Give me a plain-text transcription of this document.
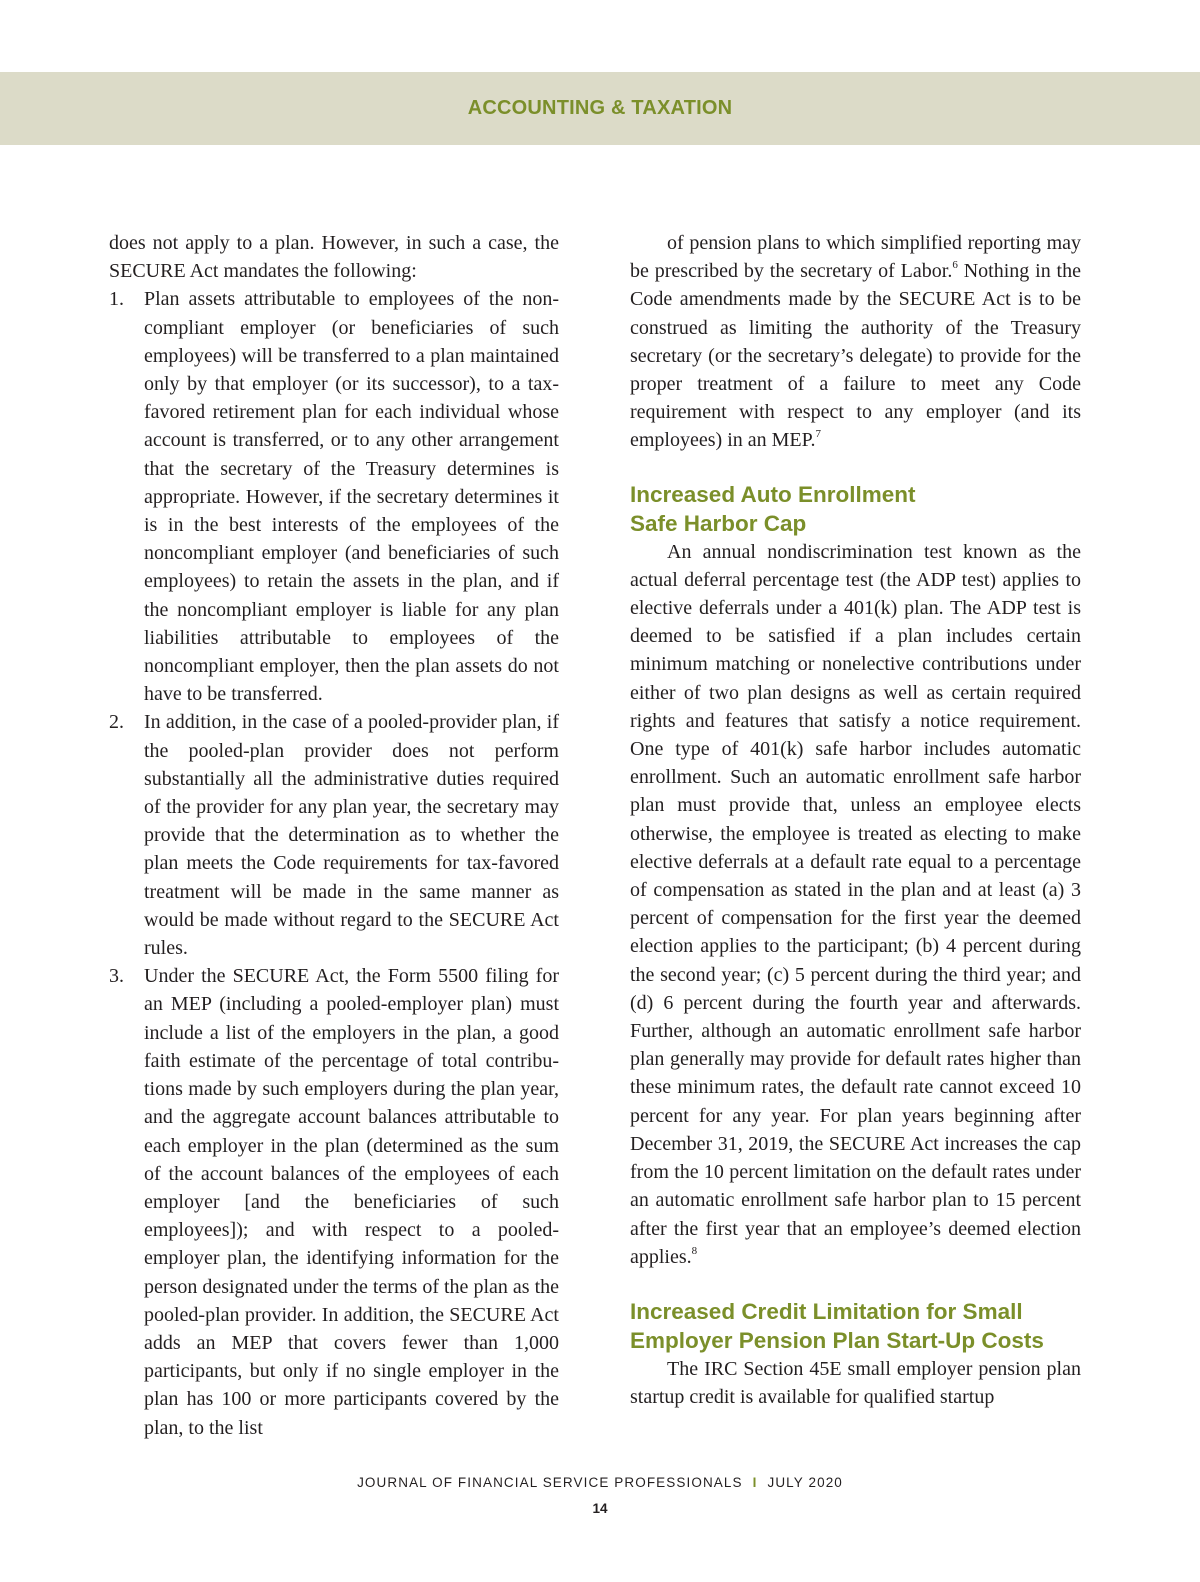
ACCOUNTING & TAXATION

does not apply to a plan. However, in such a case, the SECURE Act mandates the following:

1. Plan assets attributable to employees of the noncompliant employer (or beneficiaries of such employees) will be transferred to a plan maintained only by that employer (or its successor), to a tax-favored retirement plan for each individual whose account is transferred, or to any other arrangement that the secretary of the Treasury determines is appropriate. However, if the secretary determines it is in the best interests of the employees of the noncompliant employer (and beneficiaries of such employees) to retain the assets in the plan, and if the noncompliant employer is liable for any plan liabilities attributable to employees of the noncompliant employer, then the plan assets do not have to be transferred.
2. In addition, in the case of a pooled-provider plan, if the pooled-plan provider does not perform substantially all the administrative duties required of the provider for any plan year, the secretary may provide that the determination as to whether the plan meets the Code requirements for tax-favored treatment will be made in the same manner as would be made without regard to the SECURE Act rules.
3. Under the SECURE Act, the Form 5500 filing for an MEP (including a pooled-employer plan) must include a list of the employers in the plan, a good faith estimate of the percentage of total contributions made by such employers during the plan year, and the aggregate account balances attributable to each employer in the plan (determined as the sum of the account balances of the employees of each employer [and the beneficiaries of such employees]); and with respect to a pooled-employer plan, the identifying information for the person designated under the terms of the plan as the pooled-plan provider. In addition, the SECURE Act adds an MEP that covers fewer than 1,000 participants, but only if no single employer in the plan has 100 or more participants covered by the plan, to the list

of pension plans to which simplified reporting may be prescribed by the secretary of Labor.$^6$ Nothing in the Code amendments made by the SECURE Act is to be construed as limiting the authority of the Treasury secretary (or the secretary’s delegate) to provide for the proper treatment of a failure to meet any Code requirement with respect to any employer (and its employees) in an MEP.$^7$

Increased Auto Enrollment
Safe Harbor Cap

An annual nondiscrimination test known as the actual deferral percentage test (the ADP test) applies to elective deferrals under a 401(k) plan. The ADP test is deemed to be satisfied if a plan includes certain minimum matching or nonelective contributions under either of two plan designs as well as certain required rights and features that satisfy a notice requirement. One type of 401(k) safe harbor includes automatic enrollment. Such an automatic enrollment safe harbor plan must provide that, unless an employee elects otherwise, the employee is treated as electing to make elective deferrals at a default rate equal to a percentage of compensation as stated in the plan and at least (a) 3 percent of compensation for the first year the deemed election applies to the participant; (b) 4 percent during the second year; (c) 5 percent during the third year; and (d) 6 percent during the fourth year and afterwards. Further, although an automatic enrollment safe harbor plan generally may provide for default rates higher than these minimum rates, the default rate cannot exceed 10 percent for any year. For plan years beginning after December 31, 2019, the SECURE Act increases the cap from the 10 percent limitation on the default rates under an automatic enrollment safe harbor plan to 15 percent after the first year that an employee’s deemed election applies.$^8$

Increased Credit Limitation for Small
Employer Pension Plan Start-Up Costs

The IRC Section 45E small employer pension plan startup credit is available for qualified startup

JOURNAL OF FINANCIAL SERVICE PROFESSIONALS I JULY 2020
14
